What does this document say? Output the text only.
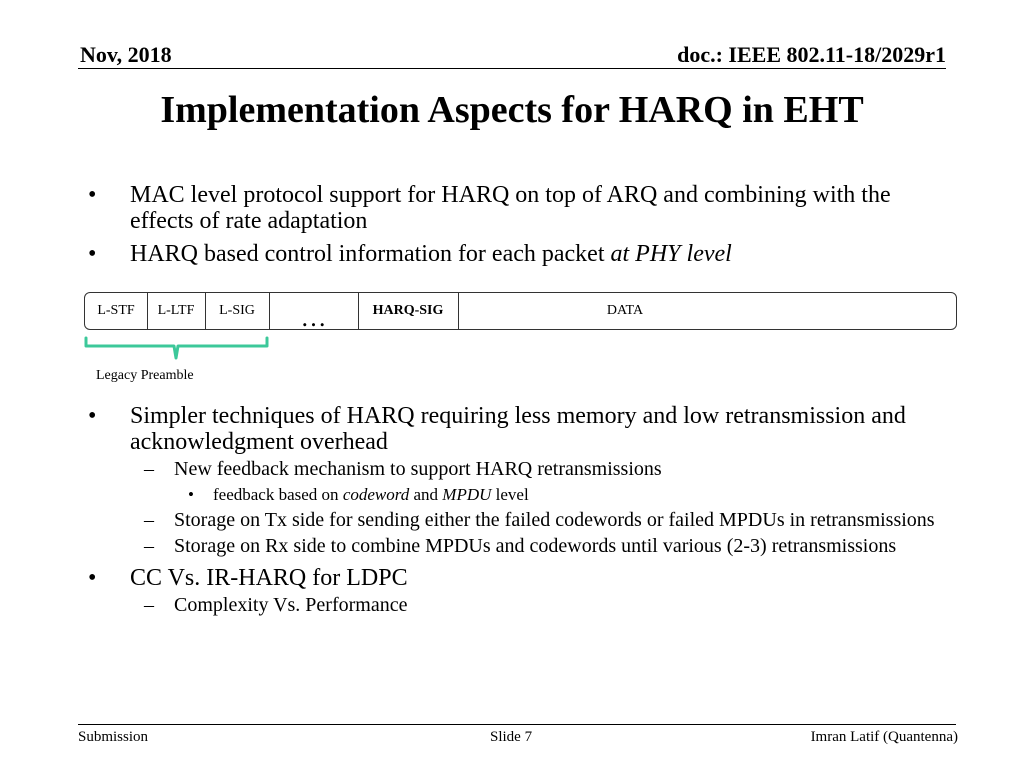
Nov, 2018	doc.: IEEE 802.11-18/2029r1
Implementation Aspects for HARQ in EHT
• MAC level protocol support for HARQ on top of ARQ and combining with the effects of rate adaptation
• HARQ based control information for each packet at PHY level
L-STF	L-LTF	L-SIG	…	HARQ-SIG	DATA
Legacy Preamble
• Simpler techniques of HARQ requiring less memory and low retransmission and acknowledgment overhead
– New feedback mechanism to support HARQ retransmissions
• feedback based on codeword and MPDU level
– Storage on Tx side for sending either the failed codewords or failed MPDUs in retransmissions
– Storage on Rx side to combine MPDUs and codewords until various (2-3) retransmissions
• CC Vs. IR-HARQ for LDPC
– Complexity Vs. Performance
Submission	Slide 7	Imran Latif (Quantenna)
